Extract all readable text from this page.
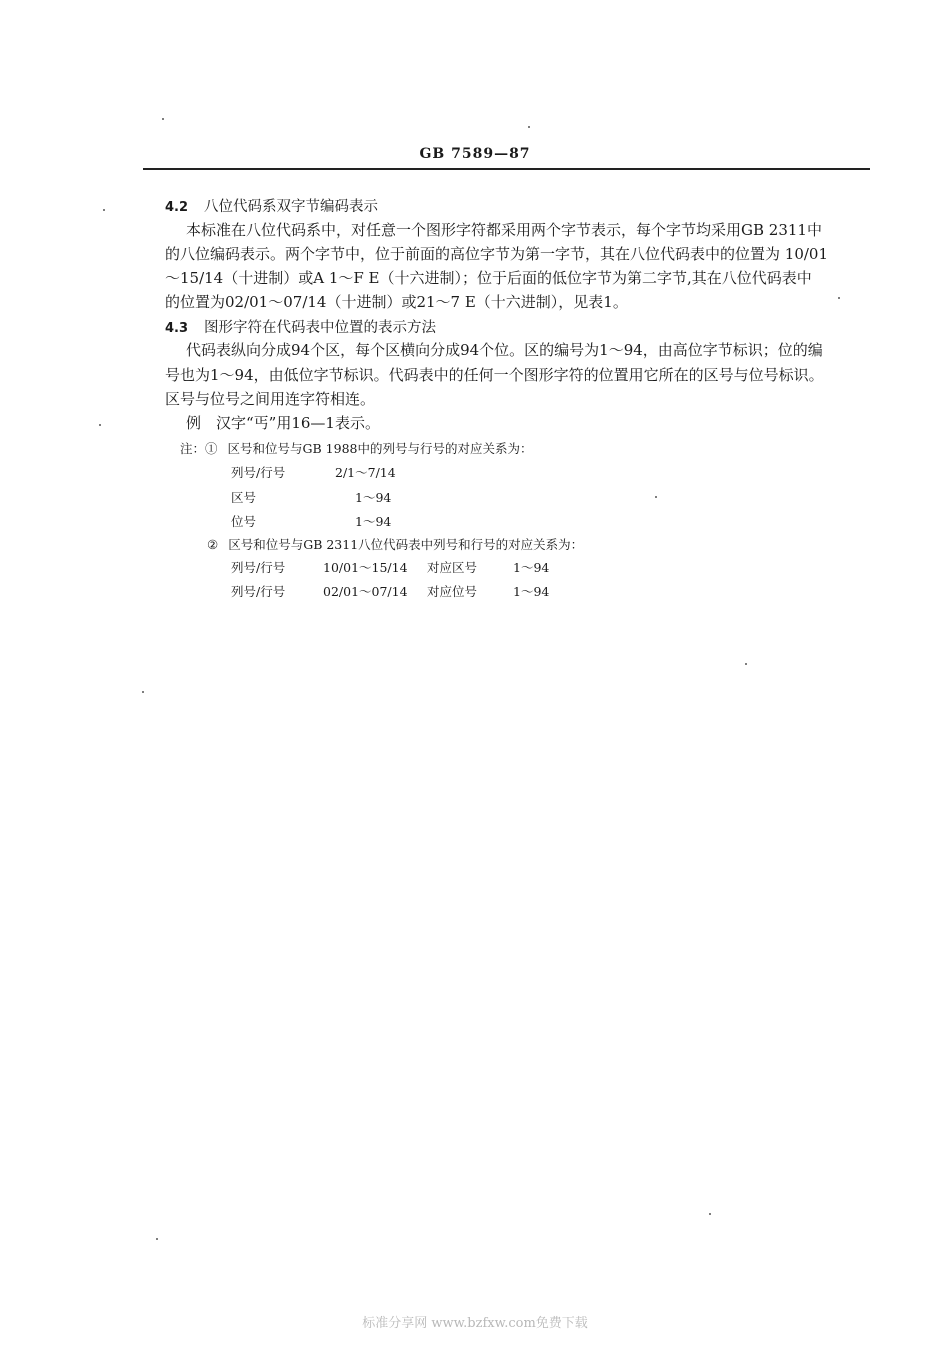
GB 7589—87
4.2 八位代码系双字节编码表示
本标准在八位代码系中，对任意一个图形字符都采用两个字节表示，每个字节均采用GB 2311中
的八位编码表示。两个字节中，位于前面的高位字节为第一字节，其在八位代码表中的位置为 10/01
～15/14（十进制）或A 1～F E（十六进制）；位于后面的低位字节为第二字节,其在八位代码表中
的位置为02/01～07/14（十进制）或21～7 E（十六进制），见表1。
4.3 图形字符在代码表中位置的表示方法
代码表纵向分成94个区，每个区横向分成94个位。区的编号为1～94，由高位字节标识；位的编
号也为1～94，由低位字节标识。代码表中的任何一个图形字符的位置用它所在的区号与位号标识。
区号与位号之间用连字符相连。
例　汉字“丐”用16—1表示。
注：① 区号和位号与GB 1988中的列号与行号的对应关系为：
列号/行号	2/1～7/14
区号	1～94
位号	1～94
② 区号和位号与GB 2311八位代码表中列号和行号的对应关系为：
列号/行号	10/01～15/14 对应区号	1～94
列号/行号	02/01～07/14 对应位号	1～94
标准分享网 www.bzfxw.com免费下载
